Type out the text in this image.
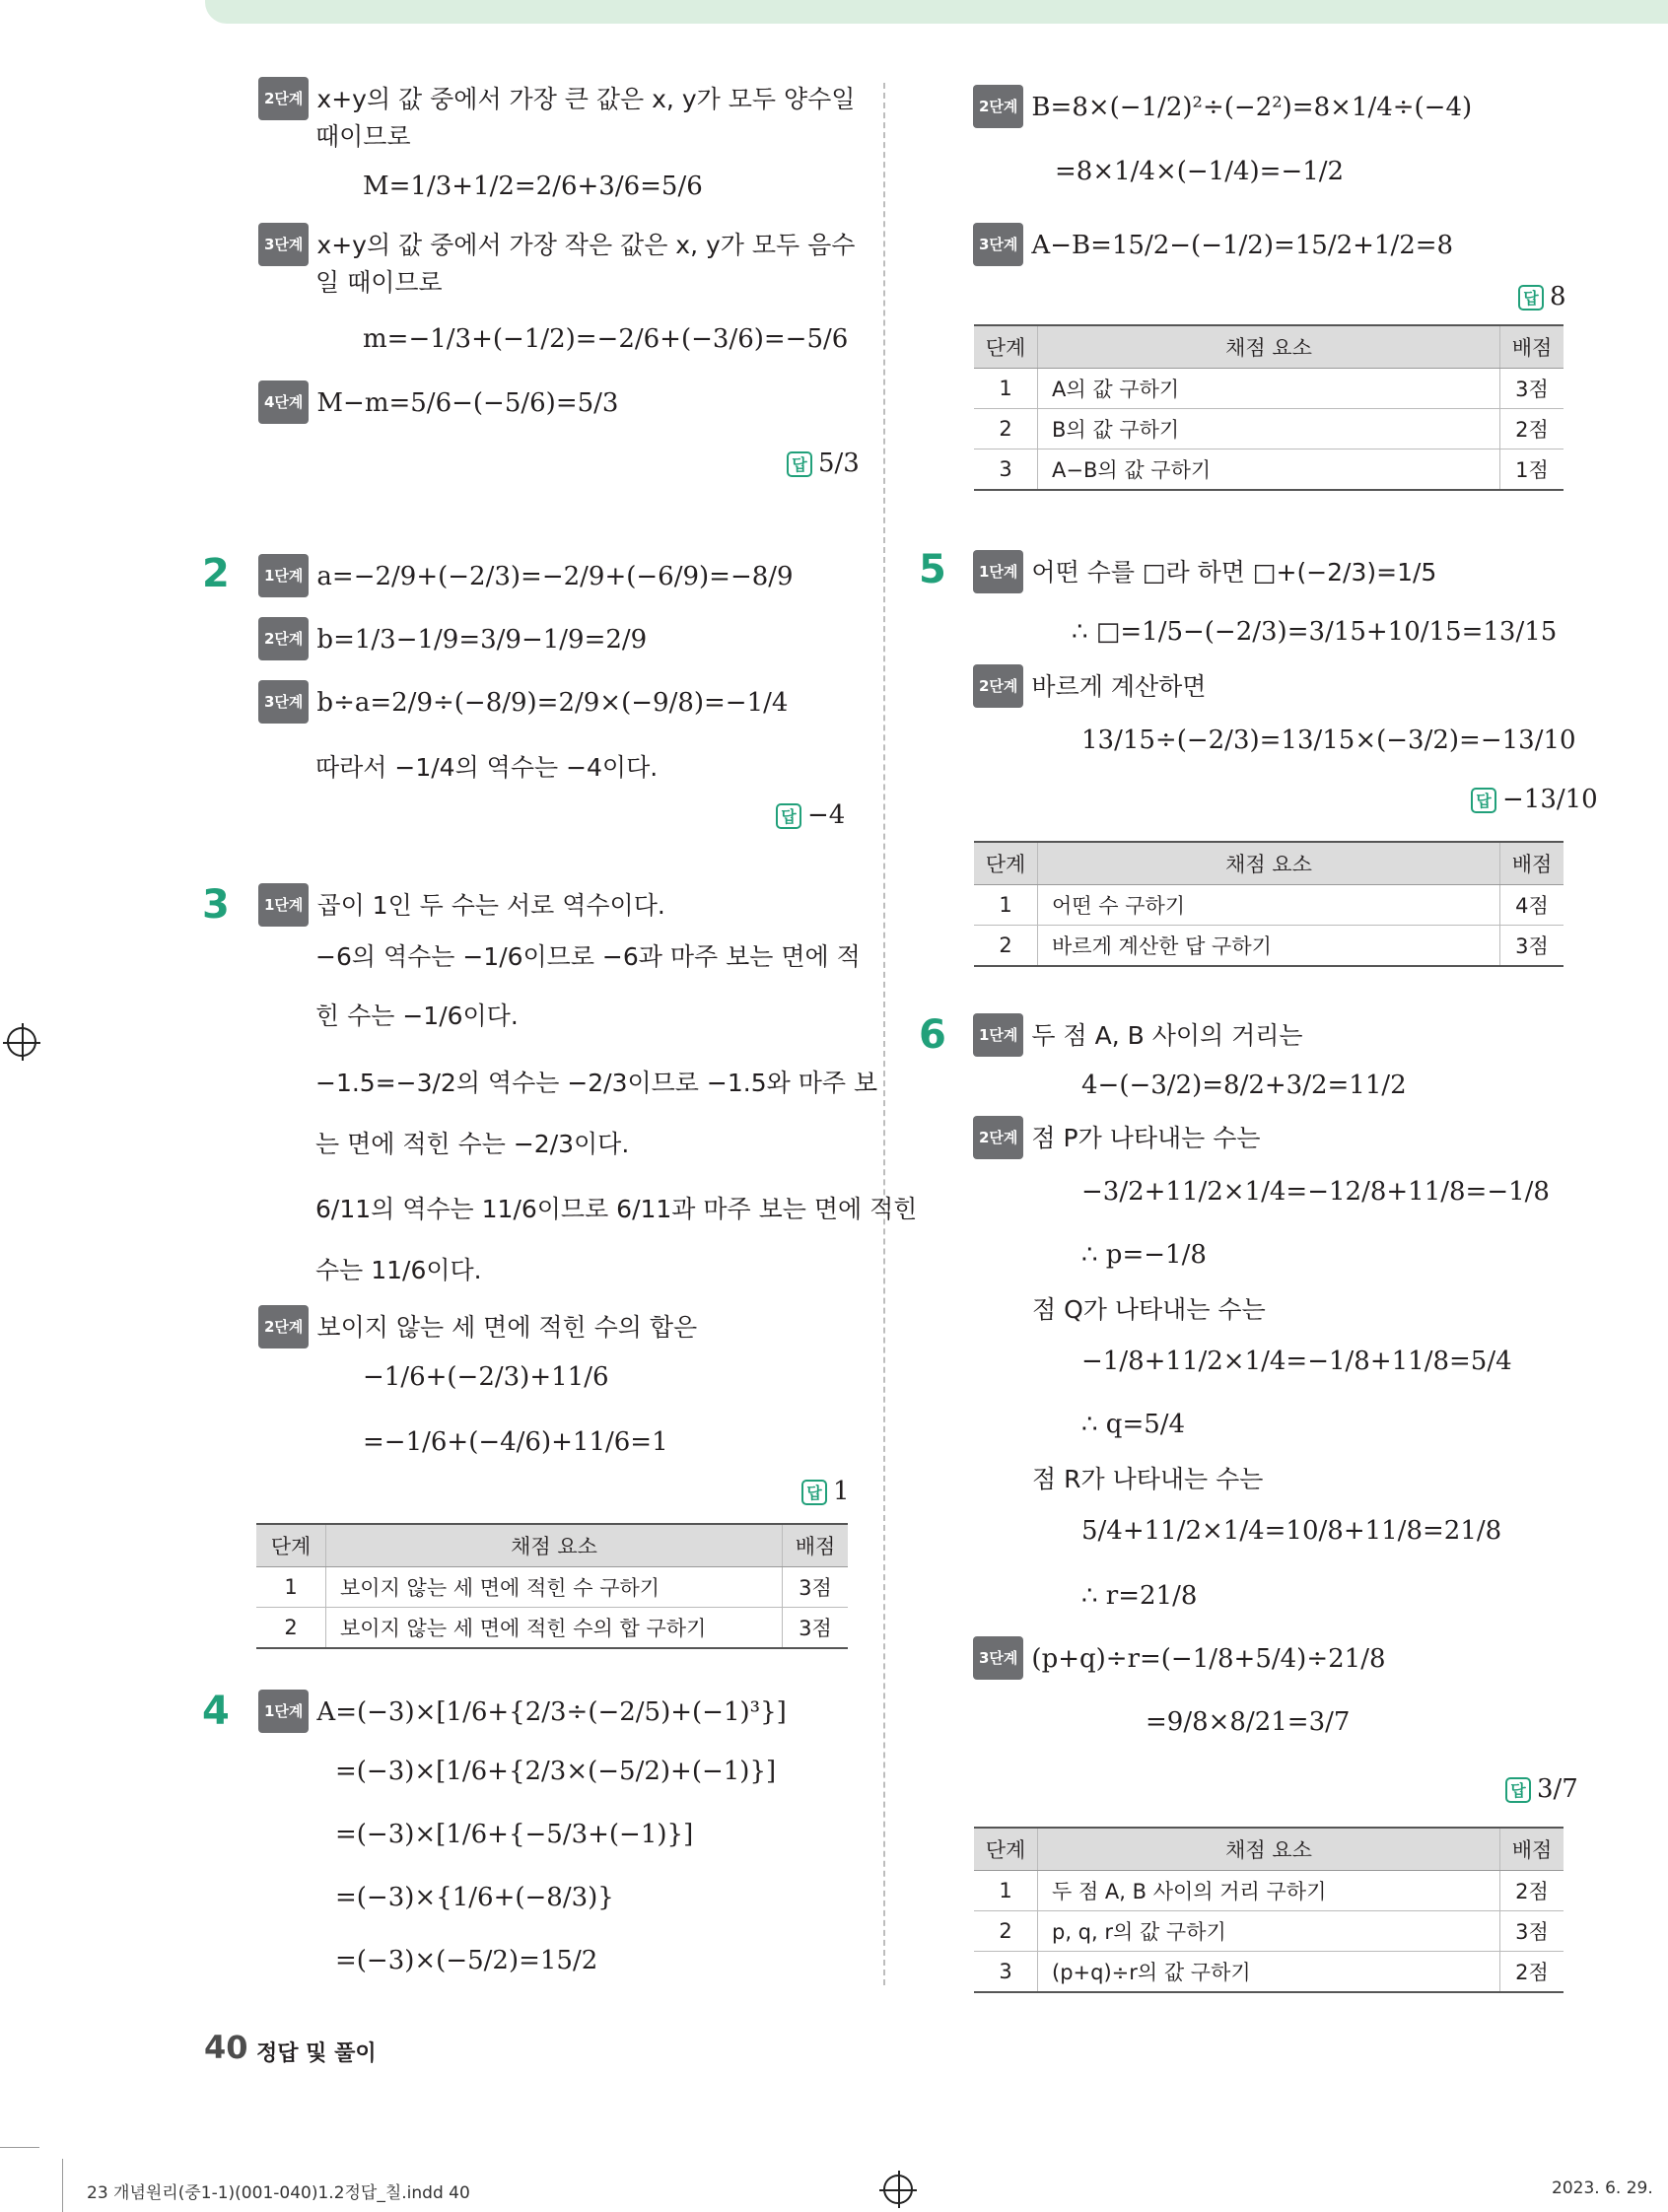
2단계 x+y의 값 중에서 가장 큰 값은 x, y가 모두 양수일
때이므로
M=1/3+1/2=2/6+3/6=5/6
3단계 x+y의 값 중에서 가장 작은 값은 x, y가 모두 음수
일 때이므로
m=−1/3+(−1/2)=−2/6+(−3/6)=−5/6
4단계 M−m=5/6−(−5/6)=5/3
답 5/3
2	1단계 a=−2/9+(−2/3)=−2/9+(−6/9)=−8/9
2단계 b=1/3−1/9=3/9−1/9=2/9
3단계 b÷a=2/9÷(−8/9)=2/9×(−9/8)=−1/4
따라서 −1/4의 역수는 −4이다.
답 −4
3	1단계 곱이 1인 두 수는 서로 역수이다.
−6의 역수는 −1/6이므로 −6과 마주 보는 면에 적
힌 수는 −1/6이다.
−1.5=−3/2의 역수는 −2/3이므로 −1.5와 마주 보
는 면에 적힌 수는 −2/3이다.
6/11의 역수는 11/6이므로 6/11과 마주 보는 면에 적힌
수는 11/6이다.
2단계 보이지 않는 세 면에 적힌 수의 합은
−1/6+(−2/3)+11/6
=−1/6+(−4/6)+11/6=1
답 1
단계	채점 요소	배점
1	보이지 않는 세 면에 적힌 수 구하기	3점
2	보이지 않는 세 면에 적힌 수의 합 구하기	3점
4	1단계 A=(−3)×[1/6+{2/3÷(−2/5)+(−1)³}]
=(−3)×[1/6+{2/3×(−5/2)+(−1)}]
=(−3)×[1/6+{−5/3+(−1)}]
=(−3)×{1/6+(−8/3)}
=(−3)×(−5/2)=15/2
2단계 B=8×(−1/2)²÷(−2²)=8×1/4÷(−4)
=8×1/4×(−1/4)=−1/2
3단계 A−B=15/2−(−1/2)=15/2+1/2=8
답 8
단계	채점 요소	배점
1	A의 값 구하기	3점
2	B의 값 구하기	2점
3	A−B의 값 구하기	1점
5	1단계 어떤 수를 □라 하면 □+(−2/3)=1/5
∴ □=1/5−(−2/3)=3/15+10/15=13/15
2단계 바르게 계산하면
13/15÷(−2/3)=13/15×(−3/2)=−13/10
답 −13/10
단계	채점 요소	배점
1	어떤 수 구하기	4점
2	바르게 계산한 답 구하기	3점
6	1단계 두 점 A, B 사이의 거리는
4−(−3/2)=8/2+3/2=11/2
2단계 점 P가 나타내는 수는
−3/2+11/2×1/4=−12/8+11/8=−1/8
∴ p=−1/8
점 Q가 나타내는 수는
−1/8+11/2×1/4=−1/8+11/8=5/4
∴ q=5/4
점 R가 나타내는 수는
5/4+11/2×1/4=10/8+11/8=21/8
∴ r=21/8
3단계 (p+q)÷r=(−1/8+5/4)÷21/8
=9/8×8/21=3/7
답 3/7
단계	채점 요소	배점
1	두 점 A, B 사이의 거리 구하기	2점
2	p, q, r의 값 구하기	3점
3	(p+q)÷r의 값 구하기	2점
40 정답 및 풀이
23 개념원리(중1-1)(001-040)1.2정답_칠.indd 40	2023. 6. 29.
